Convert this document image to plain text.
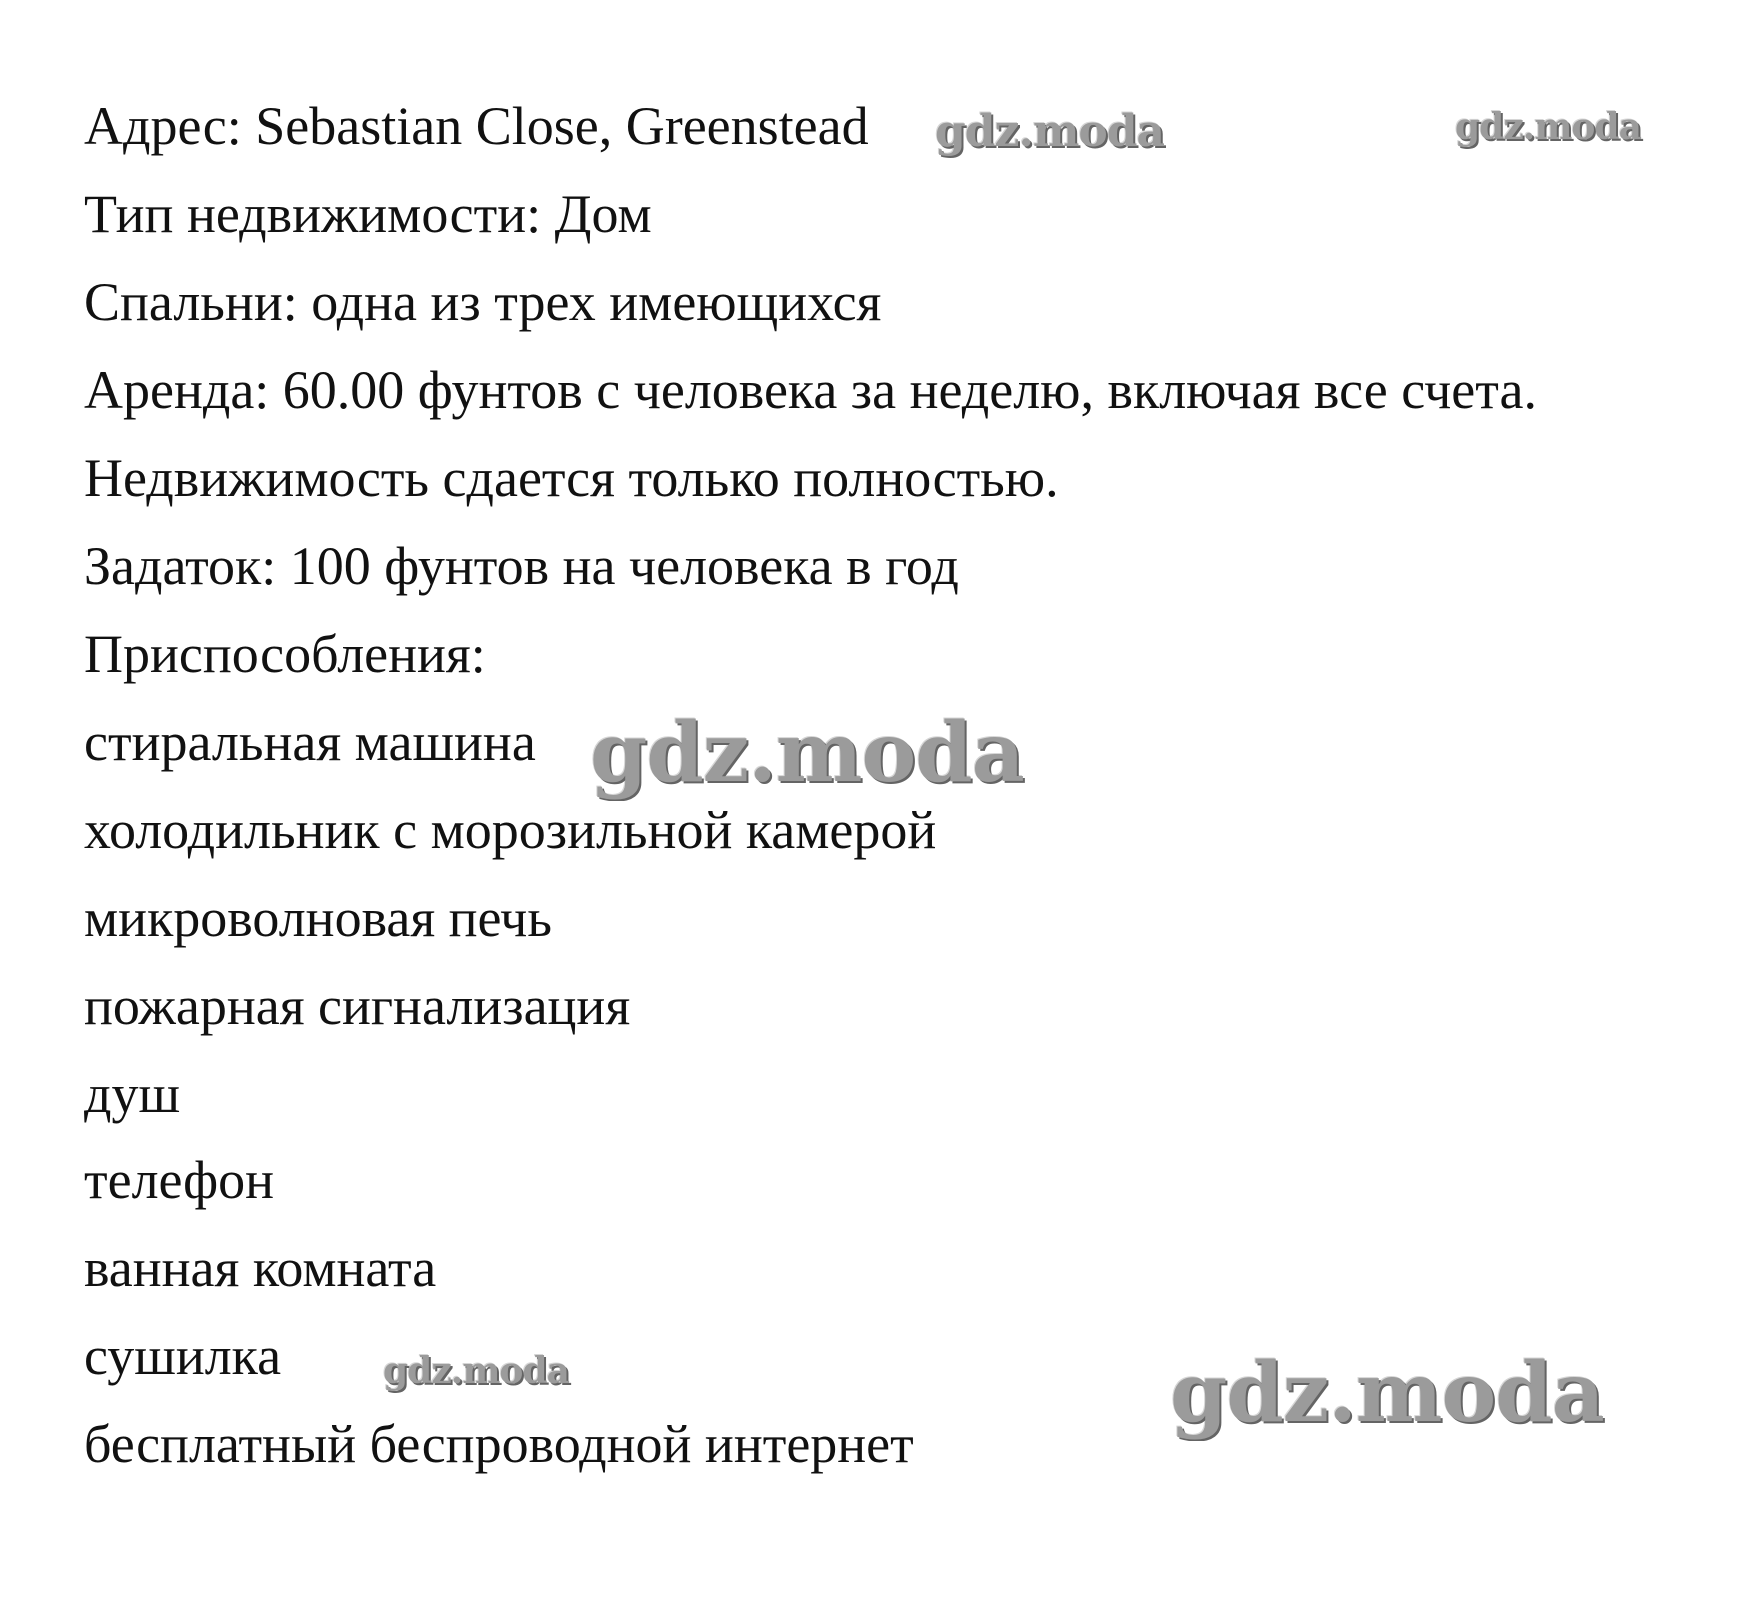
Адрес: Sebastian Close, Greenstead

Тип недвижимости: Дом

Спальни: одна из трех имеющихся

Аренда: 60.00 фунтов с человека за неделю, включая все счета.

Недвижимость сдается только полностью.

Задаток: 100 фунтов на человека в год

Приспособления:

стиральная машина

холодильник с морозильной камерой

микроволновая печь

пожарная сигнализация

душ

телефон

ванная комната

сушилка

бесплатный беспроводной интернет

gdz.moda	gdz.moda
gdz.moda
gdz.moda	gdz.moda
